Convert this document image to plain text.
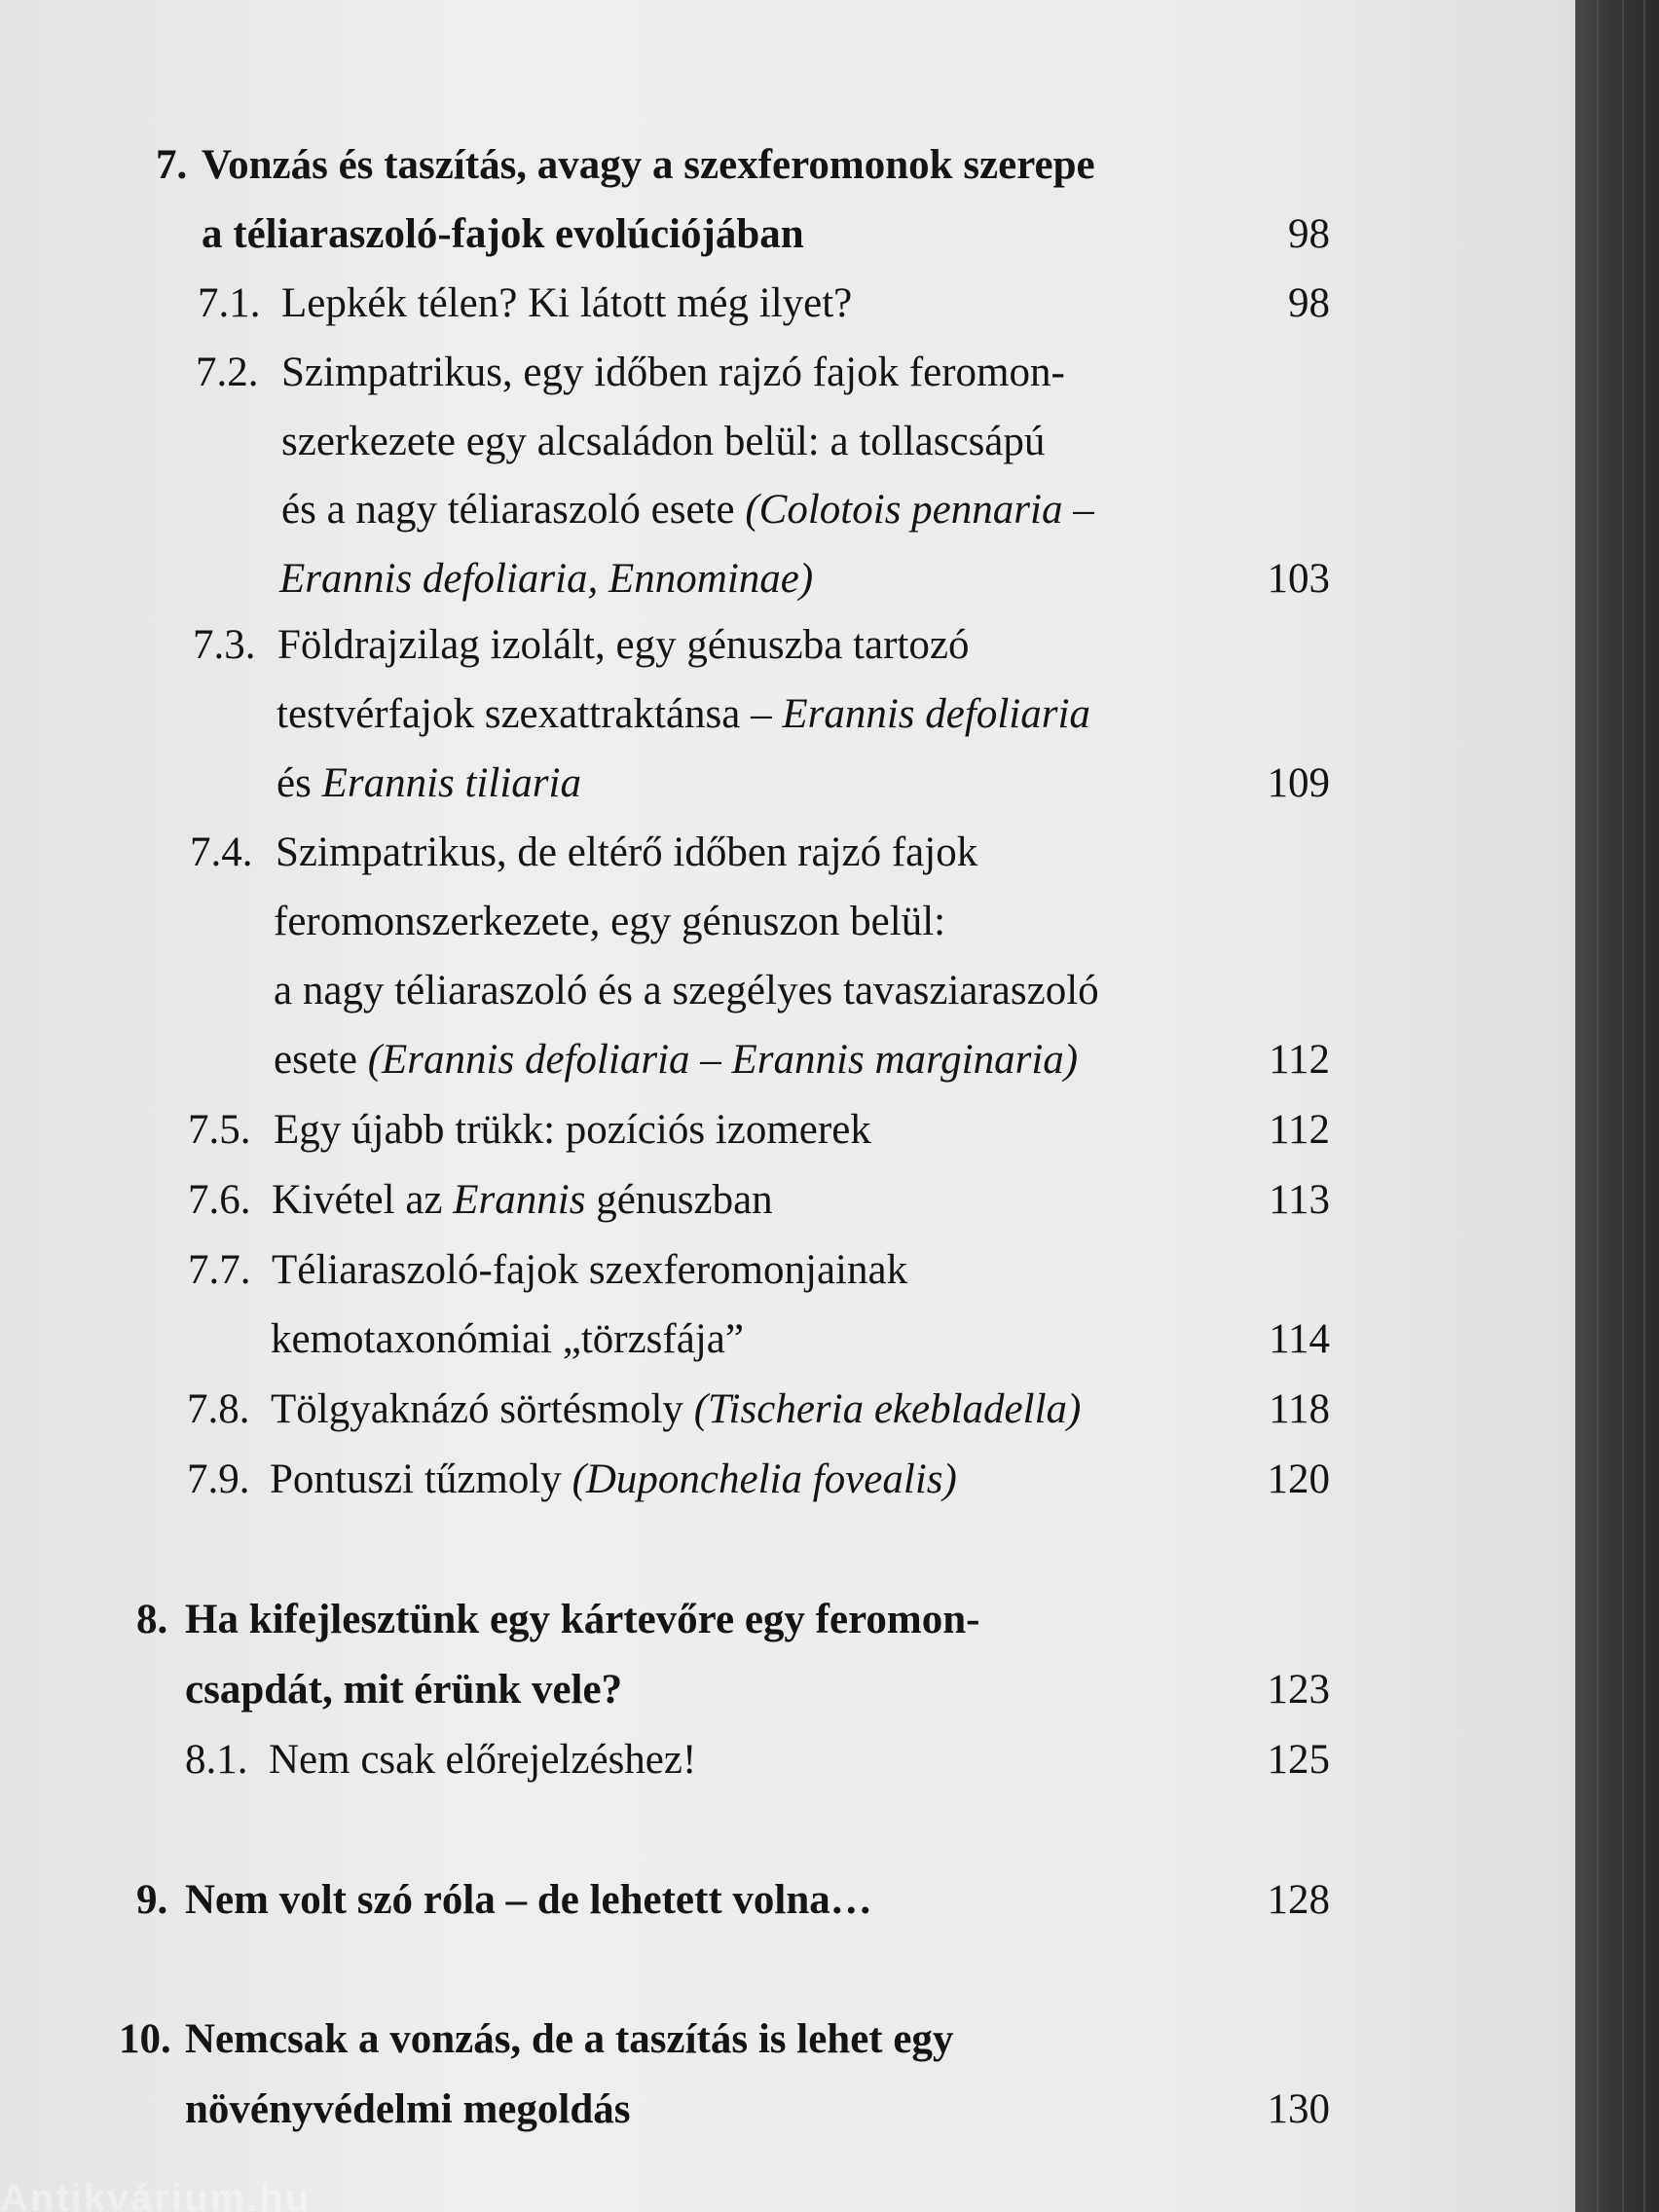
7. Vonzás és taszítás, avagy a szexferomonok szerepe
a téliaraszoló-fajok evolúciójában	98
7.1. Lepkék télen? Ki látott még ilyet?	98
7.2. Szimpatrikus, egy időben rajzó fajok feromon-
szerkezete egy alcsaládon belül: a tollascsápú
és a nagy téliaraszoló esete (Colotois pennaria –
Erannis defoliaria, Ennominae)	103
7.3. Földrajzilag izolált, egy génuszba tartozó
testvérfajok szexattraktánsa – Erannis defoliaria
és Erannis tiliaria	109
7.4. Szimpatrikus, de eltérő időben rajzó fajok
feromonszerkezete, egy génuszon belül:
a nagy téliaraszoló és a szegélyes tavasziaraszoló
esete (Erannis defoliaria – Erannis marginaria)	112
7.5. Egy újabb trükk: pozíciós izomerek	112
7.6. Kivétel az Erannis génuszban	113
7.7. Téliaraszoló-fajok szexferomonjainak
kemotaxonómiai „törzsfája”	114
7.8. Tölgyaknázó sörtésmoly (Tischeria ekebladella)	118
7.9. Pontuszi tűzmoly (Duponchelia fovealis)	120
8. Ha kifejlesztünk egy kártevőre egy feromon-
csapdát, mit érünk vele?	123
8.1. Nem csak előrejelzéshez!	125
9. Nem volt szó róla – de lehetett volna…	128
10. Nemcsak a vonzás, de a taszítás is lehet egy
növényvédelmi megoldás	130
Antikvárium.hu
